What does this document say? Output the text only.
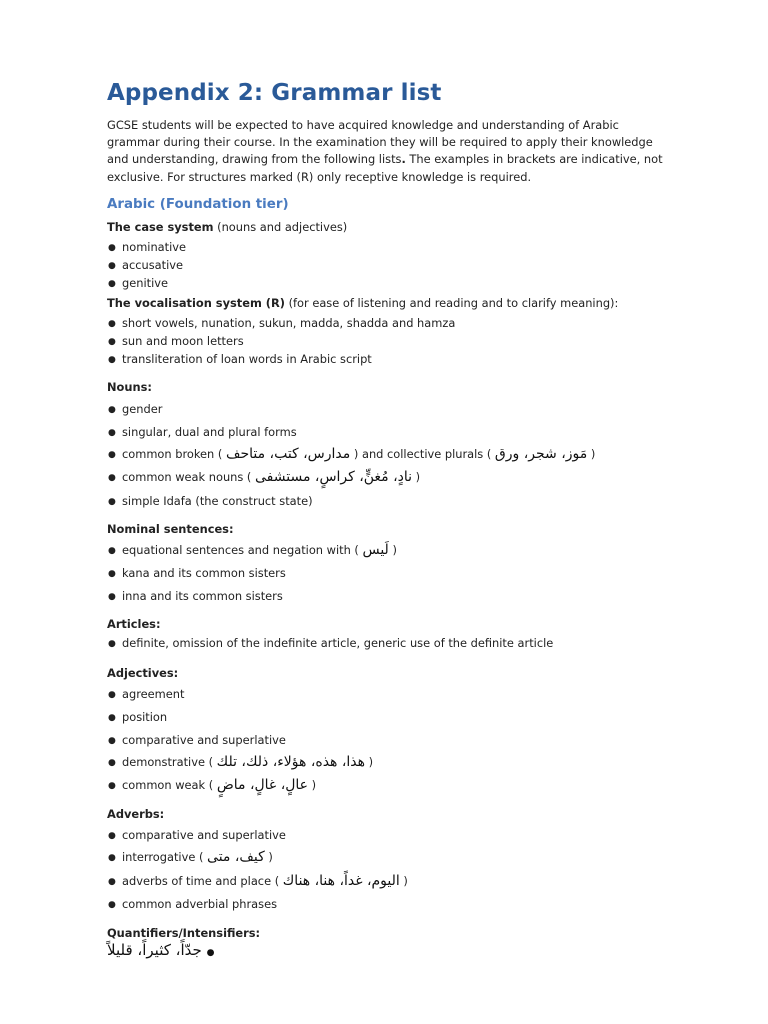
Appendix 2: Grammar list
GCSE students will be expected to have acquired knowledge and understanding of Arabic grammar during their course. In the examination they will be required to apply their knowledge and understanding, drawing from the following lists. The examples in brackets are indicative, not exclusive. For structures marked (R) only receptive knowledge is required.
Arabic (Foundation tier)
The case system (nouns and adjectives)
● nominative
● accusative
● genitive
The vocalisation system (R) (for ease of listening and reading and to clarify meaning):
● short vowels, nunation, sukun, madda, shadda and hamza
● sun and moon letters
● transliteration of loan words in Arabic script
Nouns:
● gender
● singular, dual and plural forms
● common broken ( مدارس، كتب، متاحف ) and collective plurals ( مَوز، شجر، ورق )
● common weak nouns ( نادٍ، مُغنٍّ، كراسٍ، مستشفى )
● simple Idafa (the construct state)
Nominal sentences:
● equational sentences and negation with ( لَيس )
● kana and its common sisters
● inna and its common sisters
Articles:
● definite, omission of the indefinite article, generic use of the definite article
Adjectives:
● agreement
● position
● comparative and superlative
● demonstrative ( هذا، هذه، هؤلاء، ذلك، تلك )
● common weak ( عالٍ، غالٍ، ماضٍ )
Adverbs:
● comparative and superlative
● interrogative ( كيف، متى )
● adverbs of time and place ( اليوم، غداً، هنا، هناك )
● common adverbial phrases
Quantifiers/Intensifiers:
جدّاً، كثيراً، قليلاً ●
